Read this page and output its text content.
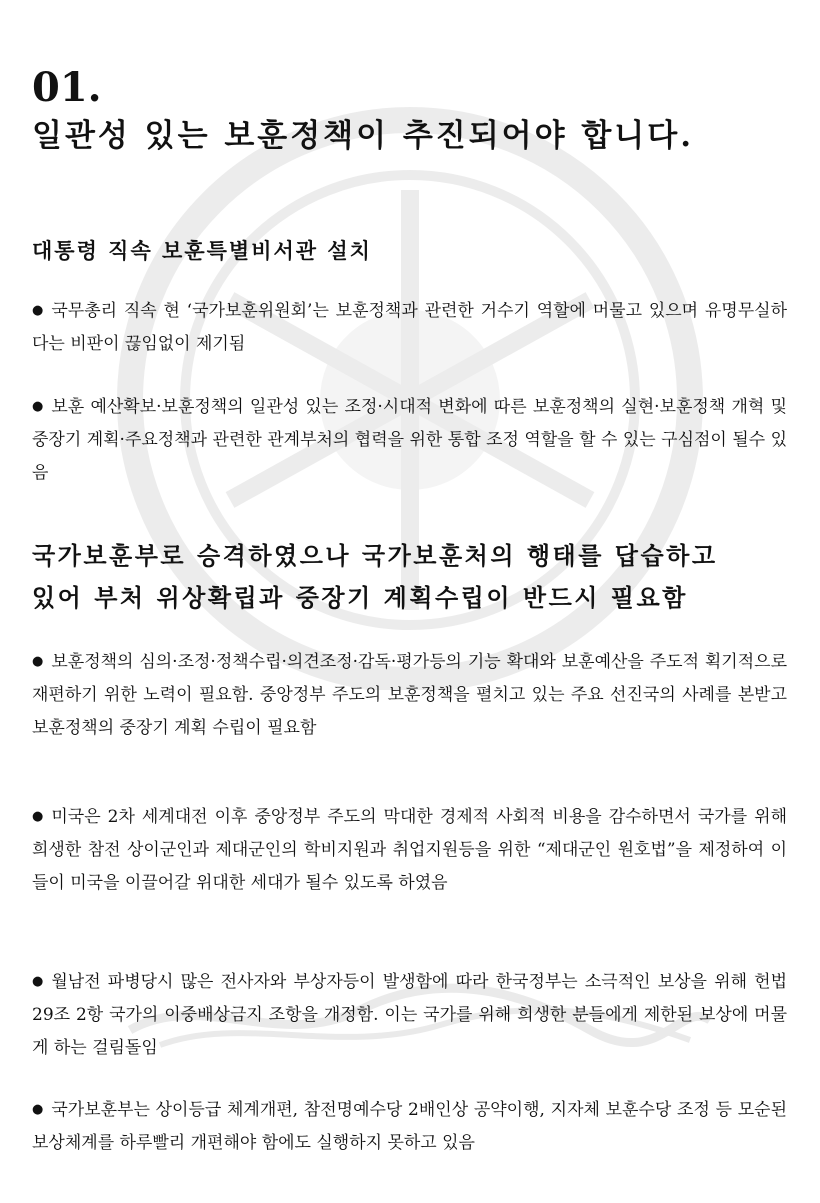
01.
일관성 있는 보훈정책이 추진되어야 합니다.
대통령 직속 보훈특별비서관 설치

● 국무총리 직속 현 ‘국가보훈위원회’는 보훈정책과 관련한 거수기 역할에 머물고 있으며 유명무실하다는 비판이 끊임없이 제기됨

● 보훈 예산확보·보훈정책의 일관성 있는 조정·시대적 변화에 따른 보훈정책의 실현·보훈정책 개혁 및 중장기 계획·주요정책과 관련한 관계부처의 협력을 위한 통합 조정 역할을 할 수 있는 구심점이 될수 있음

국가보훈부로 승격하였으나 국가보훈처의 행태를 답습하고
있어 부처 위상확립과 중장기 계획수립이 반드시 필요함

● 보훈정책의 심의·조정·정책수립·의견조정·감독·평가등의 기능 확대와 보훈예산을 주도적 획기적으로 재편하기 위한 노력이 필요함. 중앙정부 주도의 보훈정책을 펼치고 있는 주요 선진국의 사례를 본받고 보훈정책의 중장기 계획 수립이 필요함

● 미국은 2차 세계대전 이후 중앙정부 주도의 막대한 경제적 사회적 비용을 감수하면서 국가를 위해 희생한 참전 상이군인과 제대군인의 학비지원과 취업지원등을 위한 “제대군인 원호법”을 제정하여 이들이 미국을 이끌어갈 위대한 세대가 될수 있도록 하였음

● 월남전 파병당시 많은 전사자와 부상자등이 발생함에 따라 한국정부는 소극적인 보상을 위해 헌법 29조 2항 국가의 이중배상금지 조항을 개정함. 이는 국가를 위해 희생한 분들에게 제한된 보상에 머물게 하는 걸림돌임

● 국가보훈부는 상이등급 체계개편, 참전명예수당 2배인상 공약이행, 지자체 보훈수당 조정 등 모순된 보상체계를 하루빨리 개편해야 함에도 실행하지 못하고 있음
